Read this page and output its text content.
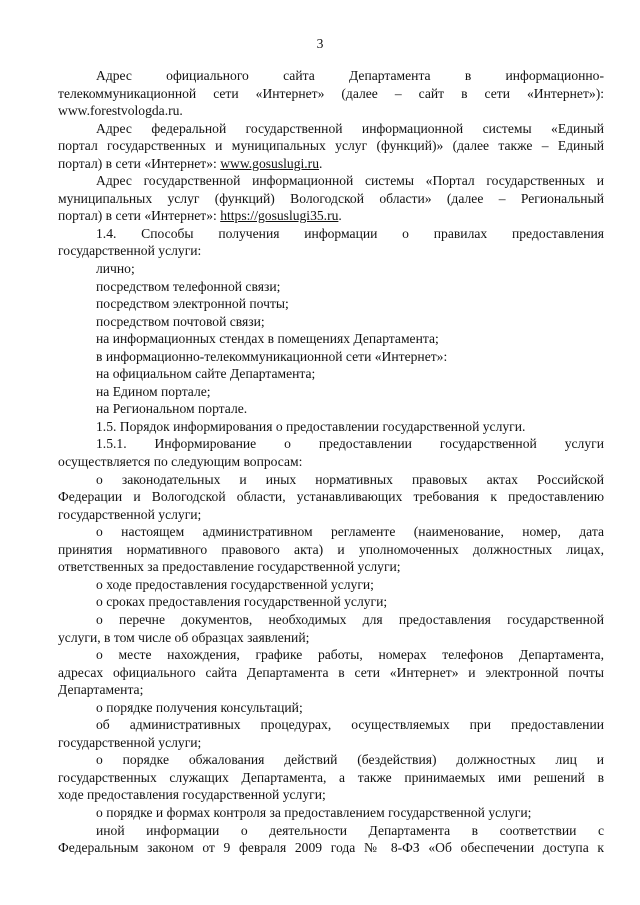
3
Адрес официального сайта Департамента в информационно-
телекоммуникационной сети «Интернет» (далее – сайт в сети «Интернет»):
www.forestvologda.ru.
Адрес федеральной государственной информационной системы «Единый
портал государственных и муниципальных услуг (функций)» (далее также – Единый
портал) в сети «Интернет»: www.gosuslugi.ru.
Адрес государственной информационной системы «Портал государственных и
муниципальных услуг (функций) Вологодской области» (далее – Региональный
портал) в сети «Интернет»: https://gosuslugi35.ru.
1.4. Способы получения информации о правилах предоставления
государственной услуги:
лично;
посредством телефонной связи;
посредством электронной почты;
посредством почтовой связи;
на информационных стендах в помещениях Департамента;
в информационно-телекоммуникационной сети «Интернет»:
на официальном сайте Департамента;
на Едином портале;
на Региональном портале.
1.5. Порядок информирования о предоставлении государственной услуги.
1.5.1. Информирование о предоставлении государственной услуги
осуществляется по следующим вопросам:
о законодательных и иных нормативных правовых актах Российской
Федерации и Вологодской области, устанавливающих требования к предоставлению
государственной услуги;
о настоящем административном регламенте (наименование, номер, дата
принятия нормативного правового акта) и уполномоченных должностных лицах,
ответственных за предоставление государственной услуги;
о ходе предоставления государственной услуги;
о сроках предоставления государственной услуги;
о перечне документов, необходимых для предоставления государственной
услуги, в том числе об образцах заявлений;
о месте нахождения, графике работы, номерах телефонов Департамента,
адресах официального сайта Департамента в сети «Интернет» и электронной почты
Департамента;
о порядке получения консультаций;
об административных процедурах, осуществляемых при предоставлении
государственной услуги;
о порядке обжалования действий (бездействия) должностных лиц и
государственных служащих Департамента, а также принимаемых ими решений в
ходе предоставления государственной услуги;
о порядке и формах контроля за предоставлением государственной услуги;
иной информации о деятельности Департамента в соответствии с
Федеральным законом от 9 февраля 2009 года № 8-ФЗ «Об обеспечении доступа к
